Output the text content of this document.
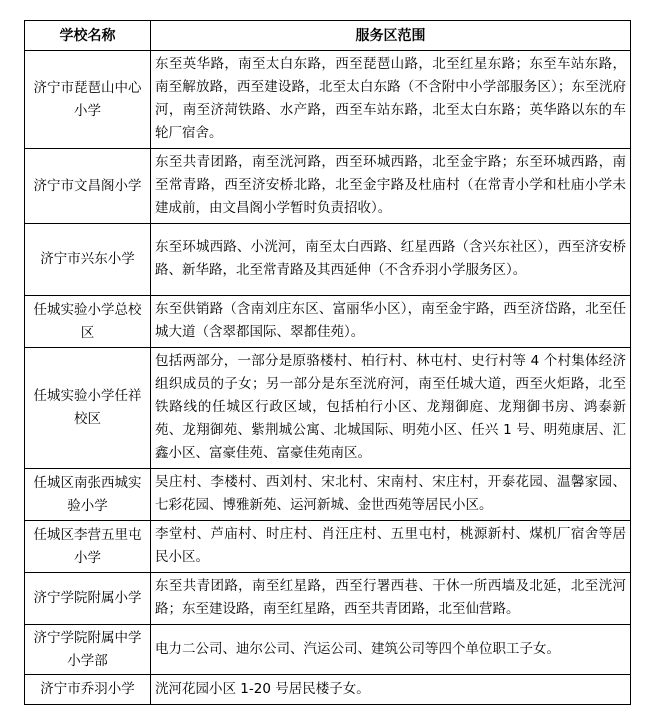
学校名称	服务区范围
济宁市琵琶山中心小学	东至英华路，南至太白东路，西至琵琶山路，北至红星东路；东至车站东路，南至解放路，西至建设路，北至太白东路（不含附中小学部服务区）；东至洸府河，南至济菏铁路、水产路，西至车站东路，北至太白东路；英华路以东的车轮厂宿舍。
济宁市文昌阁小学	东至共青团路，南至洸河路，西至环城西路，北至金宇路；东至环城西路，南至常青路，西至济安桥北路，北至金宇路及杜庙村（在常青小学和杜庙小学未建成前，由文昌阁小学暂时负责招收）。
济宁市兴东小学	东至环城西路、小洸河，南至太白西路、红星西路（含兴东社区），西至济安桥路、新华路，北至常青路及其西延伸（不含乔羽小学服务区）。
任城实验小学总校区	东至供销路（含南刘庄东区、富丽华小区），南至金宇路，西至济岱路，北至任城大道（含翠都国际、翠都佳苑）。
任城实验小学任祥校区	包括两部分，一部分是原骆楼村、柏行村、林屯村、史行村等 4 个村集体经济组织成员的子女；另一部分是东至洸府河，南至任城大道，西至火炬路，北至铁路线的任城区行政区域，包括柏行小区、龙翔御庭、龙翔御书房、鸿泰新苑、龙翔御苑、紫荆城公寓、北城国际、明苑小区、任兴 1 号、明苑康居、汇鑫小区、富豪佳苑、富豪佳苑南区。
任城区南张西城实验小学	吴庄村、李楼村、西刘村、宋北村、宋南村、宋庄村，开泰花园、温馨家园、七彩花园、博雅新苑、运河新城、金世西苑等居民小区。
任城区李营五里屯小学	李堂村、芦庙村、时庄村、肖汪庄村、五里屯村，桃源新村、煤机厂宿舍等居民小区。
济宁学院附属小学	东至共青团路，南至红星路，西至行署西巷、干休一所西墙及北延，北至洸河路；东至建设路，南至红星路，西至共青团路，北至仙营路。
济宁学院附属中学小学部	电力二公司、迪尔公司、汽运公司、建筑公司等四个单位职工子女。
济宁市乔羽小学	洸河花园小区 1-20 号居民楼子女。
